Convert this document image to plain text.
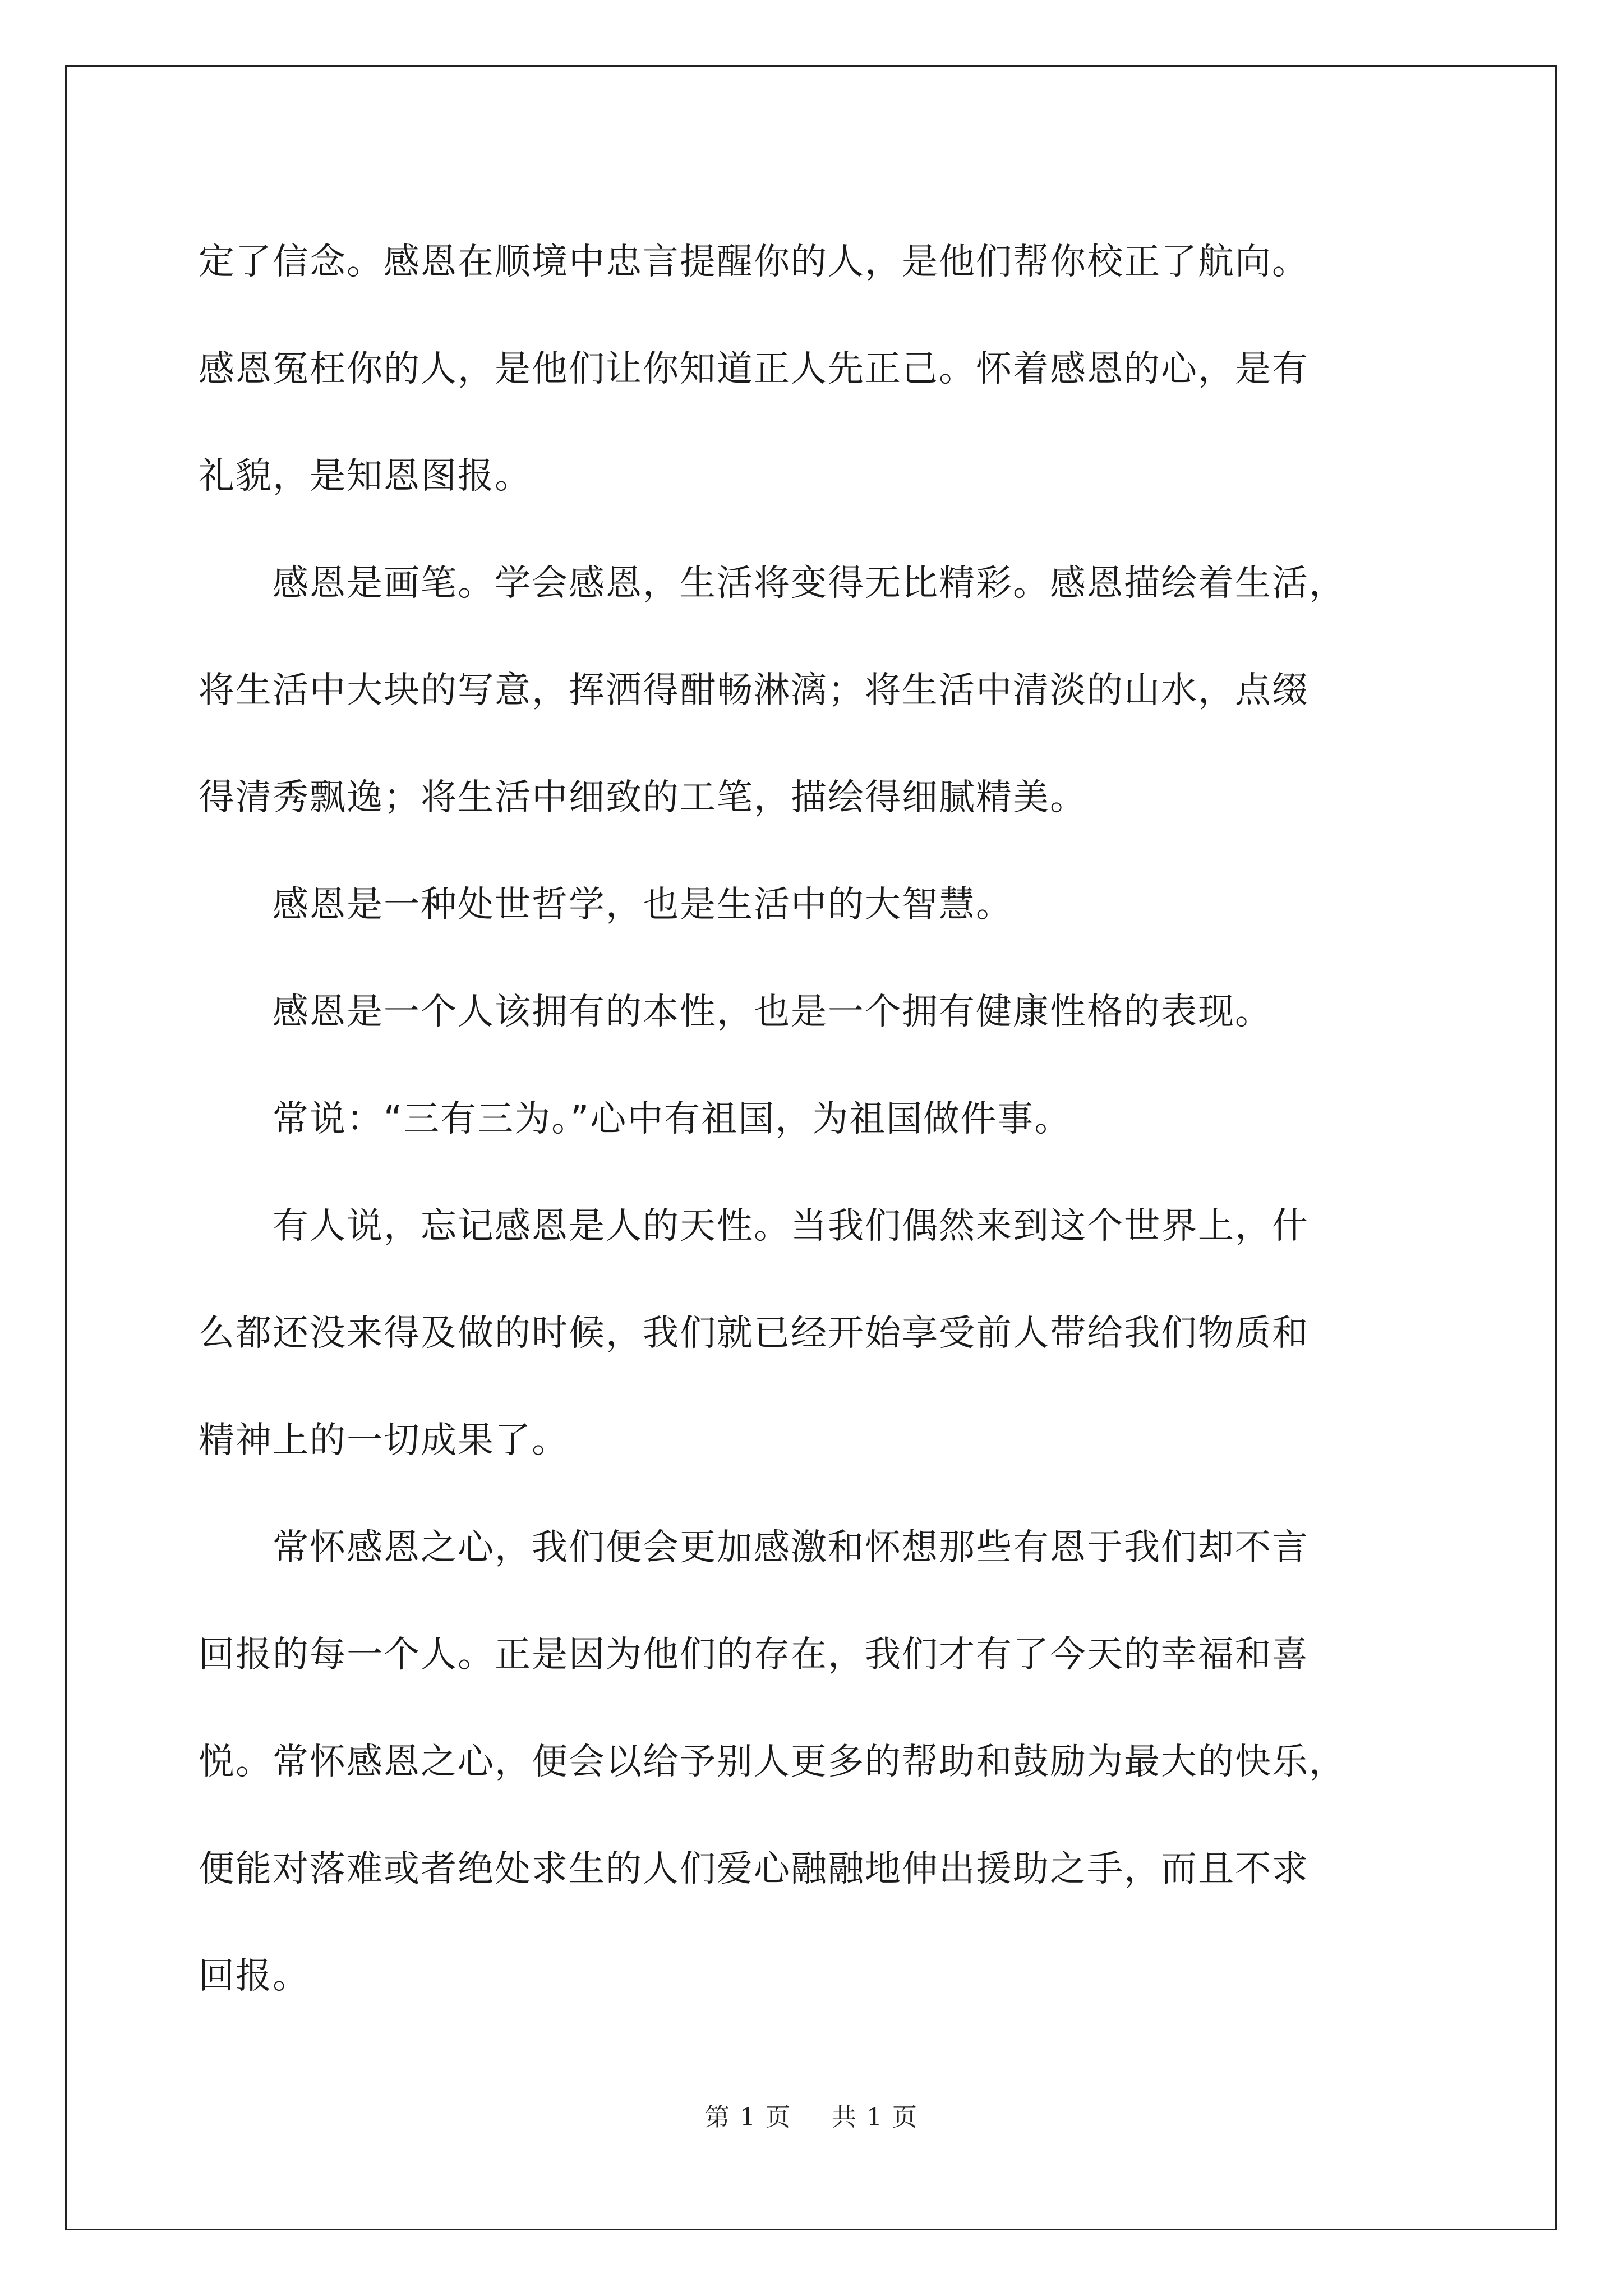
定了信念。感恩在顺境中忠言提醒你的人，是他们帮你校正了航向。
感恩冤枉你的人，是他们让你知道正人先正己。怀着感恩的心，是有
礼貌，是知恩图报。

　　感恩是画笔。学会感恩，生活将变得无比精彩。感恩描绘着生活，
将生活中大块的写意，挥洒得酣畅淋漓；将生活中清淡的山水，点缀
得清秀飘逸；将生活中细致的工笔，描绘得细腻精美。

　　感恩是一种处世哲学，也是生活中的大智慧。

　　感恩是一个人该拥有的本性，也是一个拥有健康性格的表现。

　　常说：“三有三为。”心中有祖国，为祖国做件事。

　　有人说，忘记感恩是人的天性。当我们偶然来到这个世界上，什
么都还没来得及做的时候，我们就已经开始享受前人带给我们物质和
精神上的一切成果了。

　　常怀感恩之心，我们便会更加感激和怀想那些有恩于我们却不言
回报的每一个人。正是因为他们的存在，我们才有了今天的幸福和喜
悦。常怀感恩之心，便会以给予别人更多的帮助和鼓励为最大的快乐，
便能对落难或者绝处求生的人们爱心融融地伸出援助之手，而且不求
回报。

第 1 页 共 1 页
